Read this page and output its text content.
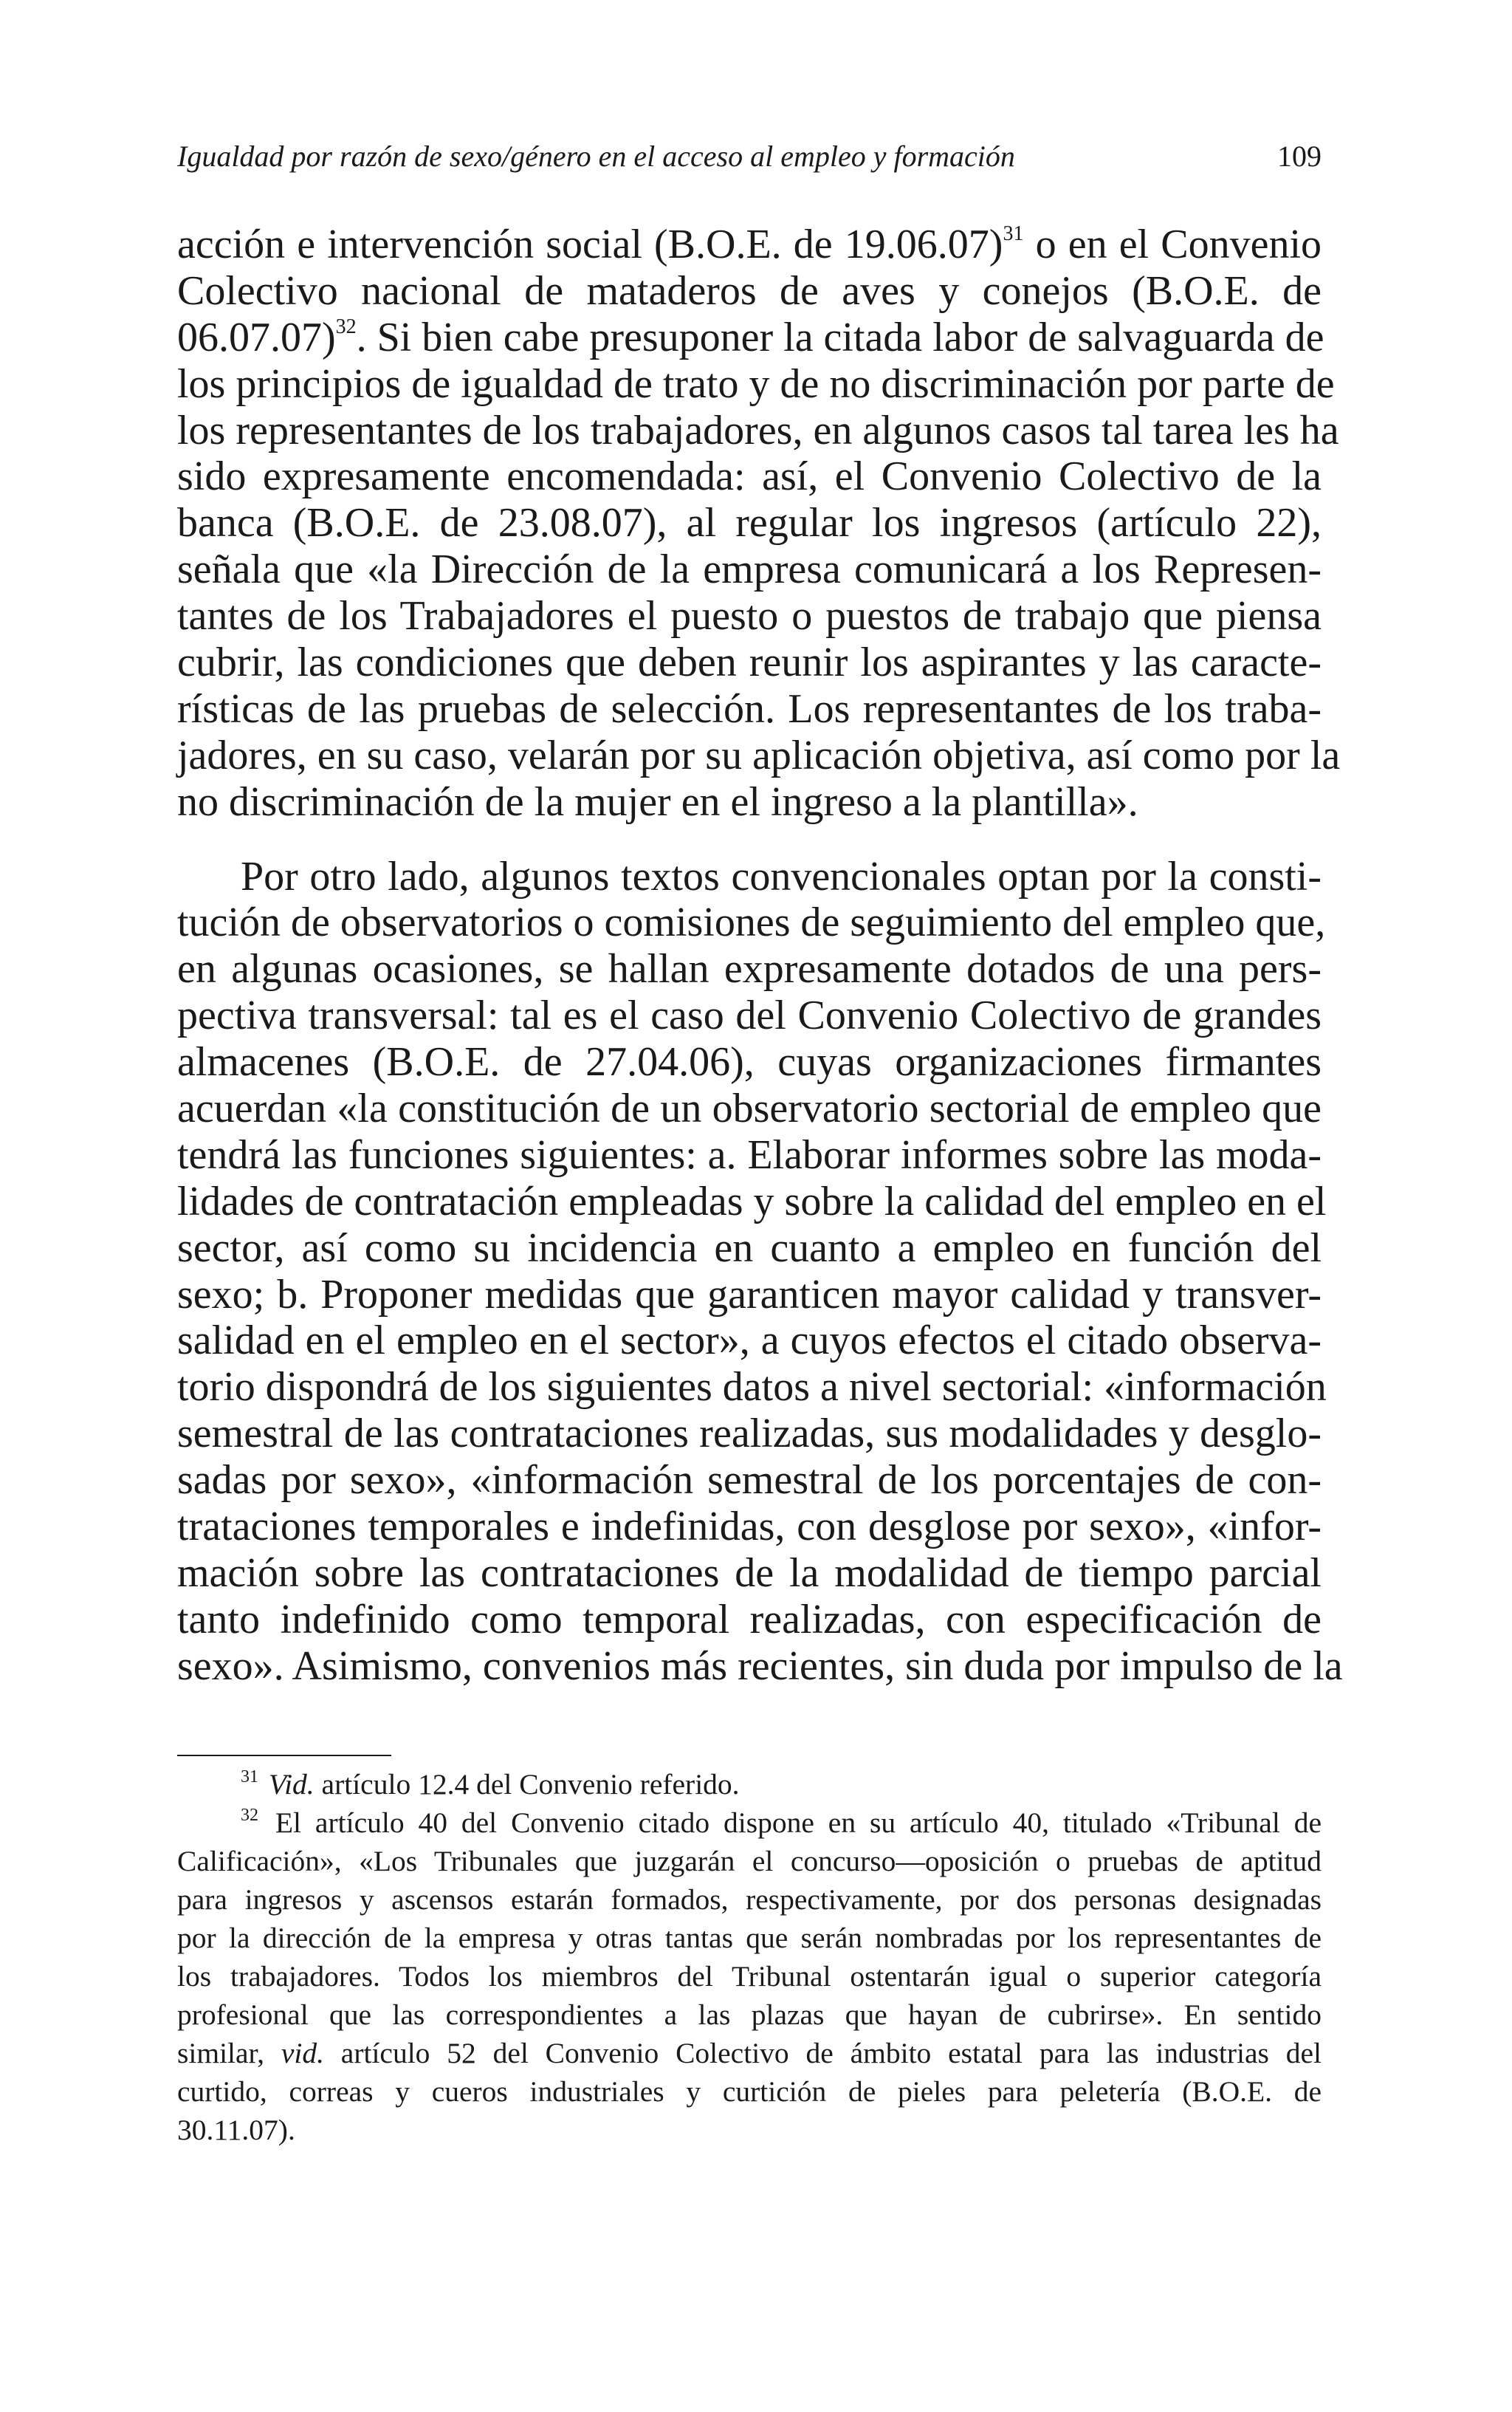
Igualdad por razón de sexo/género en el acceso al empleo y formación	109
acción e intervención social (B.O.E. de 19.06.07)$^{31}$ o en el Convenio
Colectivo nacional de mataderos de aves y conejos (B.O.E. de
06.07.07)$^{32}$. Si bien cabe presuponer la citada labor de salvaguarda de
los principios de igualdad de trato y de no discriminación por parte de
los representantes de los trabajadores, en algunos casos tal tarea les ha
sido expresamente encomendada: así, el Convenio Colectivo de la
banca (B.O.E. de 23.08.07), al regular los ingresos (artículo 22),
señala que «la Dirección de la empresa comunicará a los Represen-
tantes de los Trabajadores el puesto o puestos de trabajo que piensa
cubrir, las condiciones que deben reunir los aspirantes y las caracte-
rísticas de las pruebas de selección. Los representantes de los traba-
jadores, en su caso, velarán por su aplicación objetiva, así como por la
no discriminación de la mujer en el ingreso a la plantilla».
Por otro lado, algunos textos convencionales optan por la consti-
tución de observatorios o comisiones de seguimiento del empleo que,
en algunas ocasiones, se hallan expresamente dotados de una pers-
pectiva transversal: tal es el caso del Convenio Colectivo de grandes
almacenes (B.O.E. de 27.04.06), cuyas organizaciones firmantes
acuerdan «la constitución de un observatorio sectorial de empleo que
tendrá las funciones siguientes: a. Elaborar informes sobre las moda-
lidades de contratación empleadas y sobre la calidad del empleo en el
sector, así como su incidencia en cuanto a empleo en función del
sexo; b. Proponer medidas que garanticen mayor calidad y transver-
salidad en el empleo en el sector», a cuyos efectos el citado observa-
torio dispondrá de los siguientes datos a nivel sectorial: «información
semestral de las contrataciones realizadas, sus modalidades y desglo-
sadas por sexo», «información semestral de los porcentajes de con-
trataciones temporales e indefinidas, con desglose por sexo», «infor-
mación sobre las contrataciones de la modalidad de tiempo parcial
tanto indefinido como temporal realizadas, con especificación de
sexo». Asimismo, convenios más recientes, sin duda por impulso de la
$^{31}$ Vid. artículo 12.4 del Convenio referido.
$^{32}$ El artículo 40 del Convenio citado dispone en su artículo 40, titulado «Tribunal de
Calificación», «Los Tribunales que juzgarán el concurso—oposición o pruebas de aptitud
para ingresos y ascensos estarán formados, respectivamente, por dos personas designadas
por la dirección de la empresa y otras tantas que serán nombradas por los representantes de
los trabajadores. Todos los miembros del Tribunal ostentarán igual o superior categoría
profesional que las correspondientes a las plazas que hayan de cubrirse». En sentido
similar, vid. artículo 52 del Convenio Colectivo de ámbito estatal para las industrias del
curtido, correas y cueros industriales y curtición de pieles para peletería (B.O.E. de
30.11.07).
